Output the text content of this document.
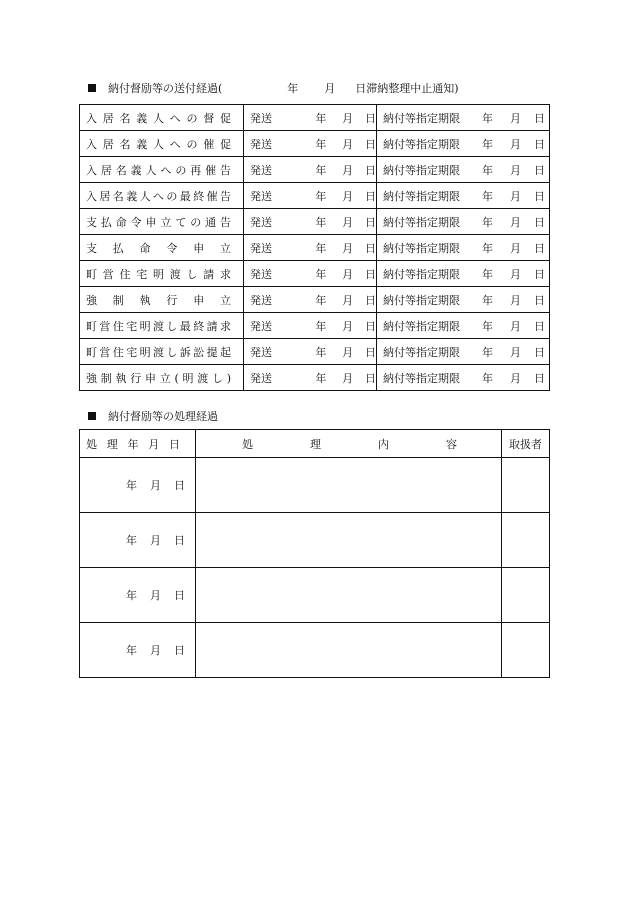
納付督励等の送付経過(	年 月 日滞納整理中止通知)
入居名義人への督促	発送 年 月 日	納付等指定期限 年 月 日

入居名義人への催促	発送 年 月 日	納付等指定期限 年 月 日

入居名義人への再催告	発送 年 月 日	納付等指定期限 年 月 日

入居名義人への最終催告	発送 年 月 日	納付等指定期限 年 月 日

支払命令申立ての通告	発送 年 月 日	納付等指定期限 年 月 日

支払命令申立	発送 年 月 日	納付等指定期限 年 月 日

町営住宅明渡し請求	発送 年 月 日	納付等指定期限 年 月 日

強制執行申立	発送 年 月 日	納付等指定期限 年 月 日

町営住宅明渡し最終請求	発送 年 月 日	納付等指定期限 年 月 日

町営住宅明渡し訴訟提起	発送 年 月 日	納付等指定期限 年 月 日

強制執行申立(明渡し)	発送 年 月 日	納付等指定期限 年 月 日
納付督励等の処理経過
処理年月日	処 理 内 容	取扱者

年 月 日		

年 月 日		

年 月 日		

年 月 日		
